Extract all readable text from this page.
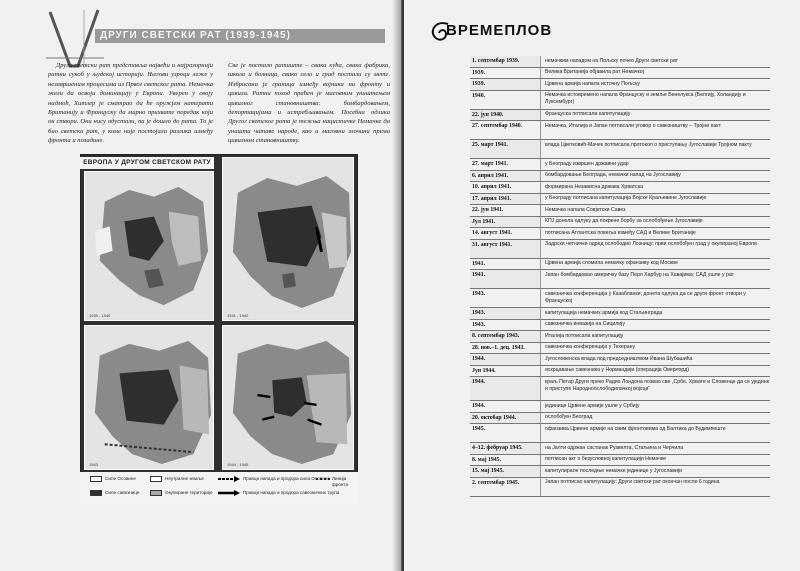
ДРУГИ СВЕТСКИ РАТ (1939-1945)

Други светски рат представља највећи и најразорнији ратни сукоб у људској историји. Његови узроци леже у незавршеним процесима из Првог светског рата. Немачка жели да освоји доминацију у Европи. Уверен у своју надмоћ, Хитлер је сматрао да ће оружјем натерати Британију и Француску да мирно прихвате поредак који он створи. Они нису одустали, па је дошло до рата. То је био светски рат, у коме није постојала разлика између фронта и позадине.

Све је постало ратиште – свака кућа, свака фабрика, школа и болница, свако село и град постали су мете. Избрисана је граница између војника на фронту и цивила. Ратни поход праћен је масовним уништењем цивилног становништва: бомбардовањем, депортацијама и истребљивањем. Посебна одлика Другог светског рата је тежња нацистичке Немачке да уништи читаве народе, као и масовни злочини према цивилном становништву.

ЕВРОПА У ДРУГОМ СВЕТСКОМ РАТУ
1939 - 1940	1941 - 1942
1943	1944 - 1945
Силе Осовине
Силе савезнице
Неутралне земље
Окупиране територије
Правци напада и продора сила Осовине
Правци напада и продора савезничких трупа
Линија фронта
ВРЕМЕПЛОВ
1. септембар 1939.	немачким нападом на Пољску почео Други светски рат
1939.	Велика Британија објавила рат Немачкој
1939.	Црвена армија напала источну Пољску
1940.	Немачка истовремено напала Француску и земље Бенелукса (Белгију, Холандију и Луксембург)
22. јун 1940.	Француска потписала капитулацију
27. септембар 1940.	Немачка, Италија и Јапан потписали уговор о савезништву – Тројни пакт
25. март 1941.	влада Цветковић-Мачек потписала протокол о приступању Југославије Тројном пакту
27. март 1941.	у Београду извршен државни удар
6. април 1941.	бомбардовање Београда, немачки напад на Југославију
10. април 1941.	формирана Независна држава Хрватска
17. април 1941.	у Београду потписана капитулација Војске Краљевине Југославије
22. јун 1941.	Немачка напала Совјетски Савез
Јул 1941.	КПЈ донела одлуку да покрене борбу за ослобођење Југославије
14. август 1941.	потписана Атлантска повеља између САД и Велике Британије
31. август 1941.	Задрски четнички одред ослободио Лозницу; први ослобођен град у окупираној Европи
1941.	Црвена армија сломила немачку офанзиву код Москве
1941.	Јапан бомбардовао америчку базу Перл Харбур на Хавајима; САД ушле у рат
1943.	савезничка конференција у Казабланки; донета одлука да се други фронт отвори у Француској
1943.	капитулација немачких армија код Стаљинграда
1943.	савезничка инвазија на Сицилију
8. септембар 1943.	Италија потписала капитулацију
28. нов.–1. дец. 1943.	савезничка конференција у Техерану
1944.	Југословенска влада под председништвом Ивана Шубашића
Јун 1944.	искрцавање савезника у Нормандији (операција Оверлорд)
1944.	краљ Петар Други преко Радио Лондона позвао све „Србе, Хрвате и Словенце да се уједине и приступе Народноослободилачкој војсци“
1944.	јединице Црвене армије ушле у Србију
20. октобар 1944.	ослобођен Београд
1945.	офанзива Црвене армије на свим фронтовима од Балтика до Будимпеште
4–12. фебруар 1945.	на Јалти одржан састанак Рузвелта, Стаљина и Черчила
8. мај 1945.	потписан акт о безусловној капитулацији Немачке
15. мај 1945.	капитулирале последње немачке јединице у Југославији
2. септембар 1945.	Јапан потписао капитулацију; Други светски рат окончан после 6 година
